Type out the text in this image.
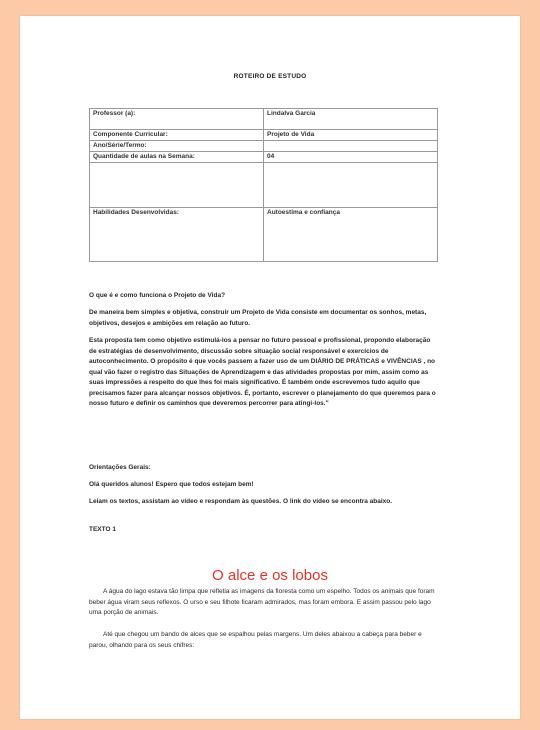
ROTEIRO DE ESTUDO
Professor (a):	Lindalva Garcia
Componente Curricular:	Projeto de Vida
Ano/Série/Termo:	
Quantidade de aulas na Semana:	04

Habilidades Desenvolvidas:	Autoestima e confiança
O que é e como funciona o Projeto de Vida?
De maneira bem simples e objetiva, construir um Projeto de Vida consiste em documentar os sonhos, metas, objetivos, desejos e ambições em relação ao futuro.
Esta proposta tem como objetivo estimulá-los a pensar no futuro pessoal e profissional, propondo elaboração de estratégias de desenvolvimento, discussão sobre situação social responsável e exercícios de autoconhecimento. O propósito é que vocês passem a fazer uso de um DIÁRIO DE PRÁTICAS e VIVÊNCIAS , no qual vão fazer o registro das Situações de Aprendizagem e das atividades propostas por mim, assim como as suas impressões a respeito do que lhes foi mais significativo. É também onde escrevemos tudo aquilo que precisamos fazer para alcançar nossos objetivos. É, portanto, escrever o planejamento do que queremos para o nosso futuro e definir os caminhos que deveremos percorrer para atingi-los."
Orientações Gerais:
Olá queridos alunos! Espero que todos estejam bem!
Leiam os textos, assistam ao vídeo e respondam às questões. O link do vídeo se encontra abaixo.
TEXTO 1
O alce e os lobos
A água do lago estava tão limpa que refletia as imagens da floresta como um espelho. Todos os animais que foram beber água viram seus reflexos. O urso e seu filhote ficaram admirados, mas foram embora. E assim passou pelo lago uma porção de animais.
Até que chegou um bando de alces que se espalhou pelas margens. Um deles abaixou a cabeça para beber e parou, olhando para os seus chifres:
